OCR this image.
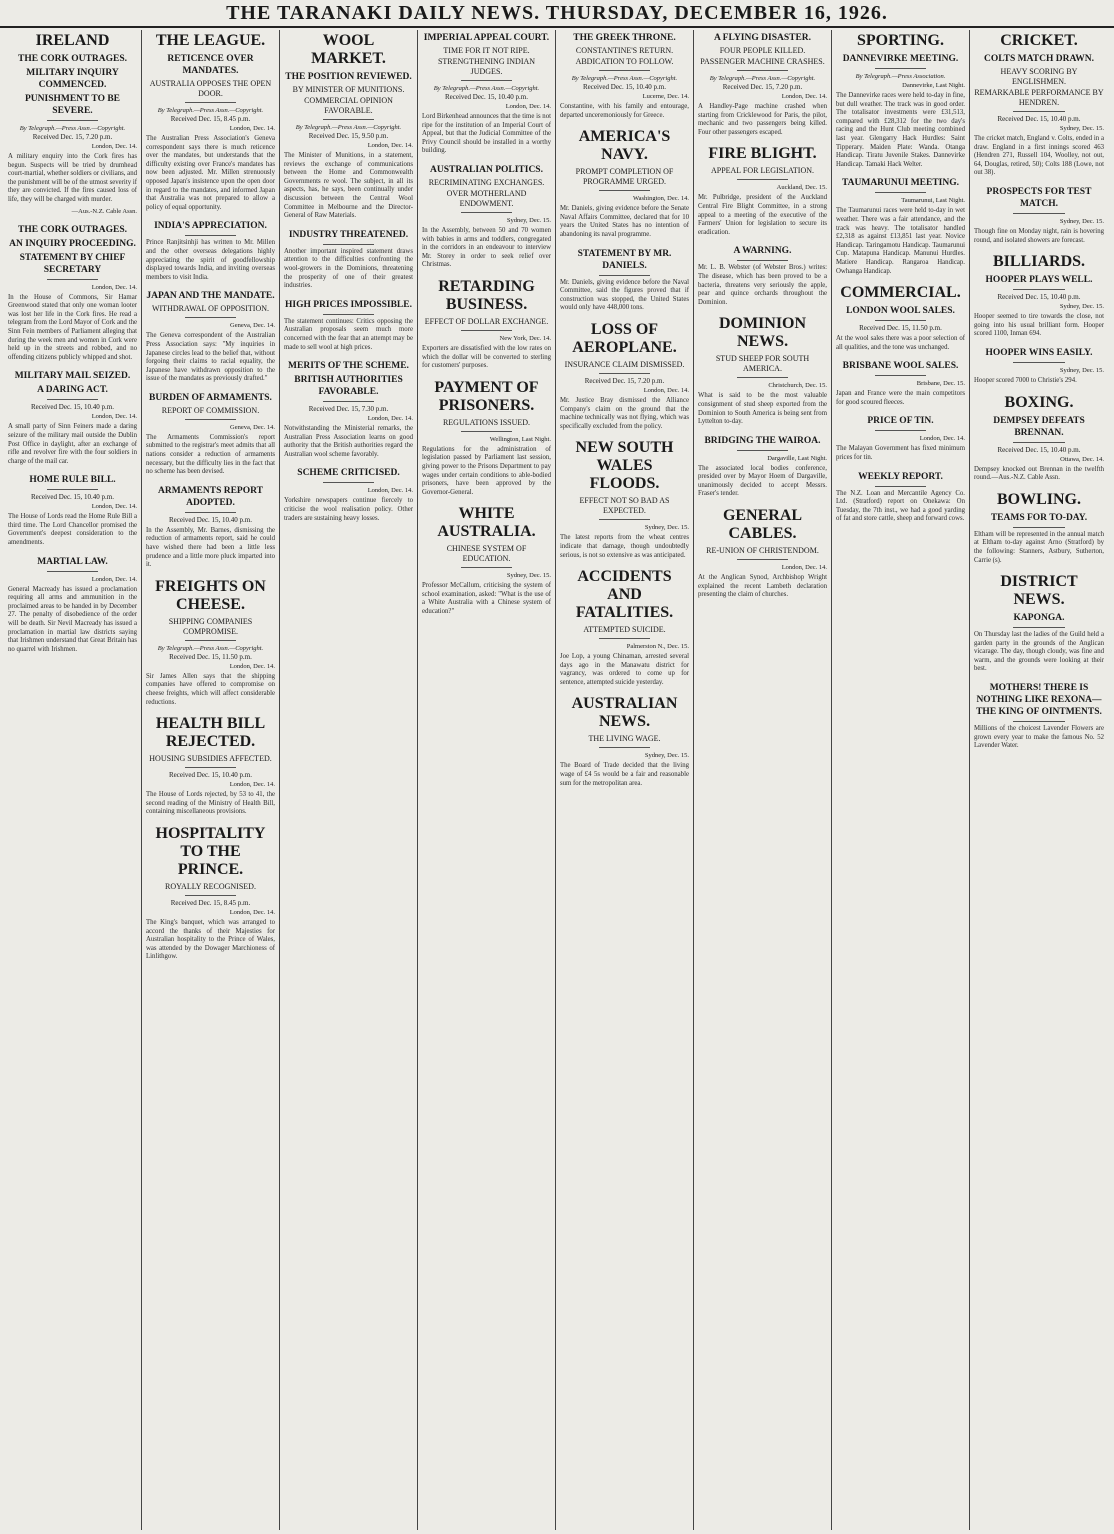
THE TARANAKI DAILY NEWS. THURSDAY, DECEMBER 16, 1926.
IRELAND
THE CORK OUTRAGES.
MILITARY INQUIRY COMMENCED.
PUNISHMENT TO BE SEVERE.
By Telegraph.—Press Assn.—Copyright.
Received Dec. 15, 7.20 p.m.
London, Dec. 14.
A military enquiry into the Cork fires has begun. Suspects will be tried by drumhead court-martial, whether soldiers or civilians, and the punishment will be of the utmost severity if they are convicted. If the fires caused loss of life, they will be charged with murder.
—Aus.-N.Z. Cable Assn.
THE CORK OUTRAGES.
AN INQUIRY PROCEEDING.
STATEMENT BY CHIEF SECRETARY
London, Dec. 14.
In the House of Commons, Sir Hamar Greenwood stated that only one woman looter was lost her life in the Cork fires. He read a telegram from the Lord Mayor of Cork and the Sinn Fein members of Parliament alleging that during the week men and women in Cork were held up in the streets and robbed, and no offending citizens publicly whipped and shot.
MILITARY MAIL SEIZED.
A DARING ACT.
Received Dec. 15, 10.40 p.m.
London, Dec. 14.
A small party of Sinn Feiners made a daring seizure of the military mail outside the Dublin Post Office in daylight, after an exchange of rifle and revolver fire with the four soldiers in charge of the mail car.
HOME RULE BILL.
Received Dec. 15, 10.40 p.m.
London, Dec. 14.
The House of Lords read the Home Rule Bill a third time. The Lord Chancellor promised the Government's deepest consideration to the amendments.
MARTIAL LAW.
London, Dec. 14.
General Macready has issued a proclamation requiring all arms and ammunition in the proclaimed areas to be handed in by December 27. The penalty of disobedience of the order will be death. Sir Nevil Macready has issued a proclamation in martial law districts saying that Irishmen understand that Great Britain has no quarrel with Irishmen.
THE LEAGUE.
RETICENCE OVER MANDATES.
AUSTRALIA OPPOSES THE OPEN DOOR.
By Telegraph.—Press Assn.—Copyright.
Received Dec. 15, 8.45 p.m.
London, Dec. 14.
The Australian Press Association's Geneva correspondent says there is much reticence over the mandates, but understands that the difficulty existing over France's mandates has now been adjusted. Mr. Millen strenuously opposed Japan's insistence upon the open door in regard to the mandates, and informed Japan that Australia was not prepared to allow a policy of equal opportunity.
INDIA'S APPRECIATION.
Prince Ranjitsinhji has written to Mr. Millen and the other overseas delegations highly appreciating the spirit of goodfellowship displayed towards India, and inviting overseas members to visit India.
JAPAN AND THE MANDATE.
WITHDRAWAL OF OPPOSITION.
Geneva, Dec. 14.
The Geneva correspondent of the Australian Press Association says: "My inquiries in Japanese circles lead to the belief that, without forgoing their claims to racial equality, the Japanese have withdrawn opposition to the issue of the mandates as previously drafted."
BURDEN OF ARMAMENTS.
REPORT OF COMMISSION.
Geneva, Dec. 14.
The Armaments Commission's report submitted to the registrar's meet admits that all nations consider a reduction of armaments necessary, but the difficulty lies in the fact that no scheme has been devised.
ARMAMENTS REPORT ADOPTED.
Received Dec. 15, 10.40 p.m.
In the Assembly, Mr. Barnes, dismissing the reduction of armaments report, said he could have wished there had been a little less prudence and a little more pluck imparted into it.
FREIGHTS ON CHEESE.
SHIPPING COMPANIES COMPROMISE.
By Telegraph.—Press Assn.—Copyright.
Received Dec. 15, 11.50 p.m.
London, Dec. 14.
Sir James Allen says that the shipping companies have offered to compromise on cheese freights, which will affect considerable reductions.
HEALTH BILL REJECTED.
HOUSING SUBSIDIES AFFECTED.
Received Dec. 15, 10.40 p.m.
London, Dec. 14.
The House of Lords rejected, by 53 to 41, the second reading of the Ministry of Health Bill, containing miscellaneous provisions.
HOSPITALITY TO THE PRINCE.
ROYALLY RECOGNISED.
Received Dec. 15, 8.45 p.m.
London, Dec. 14.
The King's banquet, which was arranged to accord the thanks of their Majesties for Australian hospitality to the Prince of Wales, was attended by the Dowager Marchioness of Linlithgow.
WOOL MARKET.
THE POSITION REVIEWED.
BY MINISTER OF MUNITIONS.
COMMERCIAL OPINION FAVORABLE.
By Telegraph.—Press Assn.—Copyright.
Received Dec. 15, 9.50 p.m.
London, Dec. 14.
The Minister of Munitions, in a statement, reviews the exchange of communications between the Home and Commonwealth Governments re wool. The subject, in all its aspects, has, he says, been continually under discussion between the Central Wool Committee in Melbourne and the Director-General of Raw Materials.
INDUSTRY THREATENED.
Another important inspired statement draws attention to the difficulties confronting the wool-growers in the Dominions, threatening the prosperity of one of their greatest industries.
HIGH PRICES IMPOSSIBLE.
The statement continues: Critics opposing the Australian proposals seem much more concerned with the fear that an attempt may be made to sell wool at high prices.
MERITS OF THE SCHEME.
BRITISH AUTHORITIES FAVORABLE.
Received Dec. 15, 7.30 p.m.
London, Dec. 14.
Notwithstanding the Ministerial remarks, the Australian Press Association learns on good authority that the British authorities regard the Australian wool scheme favorably.
SCHEME CRITICISED.
London, Dec. 14.
Yorkshire newspapers continue fiercely to criticise the wool realisation policy. Other traders are sustaining heavy losses.
IMPERIAL APPEAL COURT.
TIME FOR IT NOT RIPE.
STRENGTHENING INDIAN JUDGES.
By Telegraph.—Press Assn.—Copyright.
Received Dec. 15, 10.40 p.m.
London, Dec. 14.
Lord Birkenhead announces that the time is not ripe for the institution of an Imperial Court of Appeal, but that the Judicial Committee of the Privy Council should be installed in a worthy building.
AUSTRALIAN POLITICS.
RECRIMINATING EXCHANGES.
OVER MOTHERLAND ENDOWMENT.
Sydney, Dec. 15.
In the Assembly, between 50 and 70 women with babies in arms and toddlers, congregated in the corridors in an endeavour to interview Mr. Storey in order to seek relief over Christmas.
RETARDING BUSINESS.
EFFECT OF DOLLAR EXCHANGE.
New York, Dec. 14.
Exporters are dissatisfied with the low rates on which the dollar will be converted to sterling for customers' purposes.
PAYMENT OF PRISONERS.
REGULATIONS ISSUED.
Wellington, Last Night.
Regulations for the administration of legislation passed by Parliament last session, giving power to the Prisons Department to pay wages under certain conditions to able-bodied prisoners, have been approved by the Governor-General.
WHITE AUSTRALIA.
CHINESE SYSTEM OF EDUCATION.
Sydney, Dec. 15.
Professor McCallum, criticising the system of school examination, asked: "What is the use of a White Australia with a Chinese system of education?"
THE GREEK THRONE.
CONSTANTINE'S RETURN.
ABDICATION TO FOLLOW.
By Telegraph.—Press Assn.—Copyright.
Received Dec. 15, 10.40 p.m.
Lucerne, Dec. 14.
Constantine, with his family and entourage, departed unceremoniously for Greece.
AMERICA'S NAVY.
PROMPT COMPLETION OF PROGRAMME URGED.
Washington, Dec. 14.
Mr. Daniels, giving evidence before the Senate Naval Affairs Committee, declared that for 10 years the United States has no intention of abandoning its naval programme.
STATEMENT BY MR. DANIELS.
Mr. Daniels, giving evidence before the Naval Committee, said the figures proved that if construction was stopped, the United States would only have 448,000 tons.
LOSS OF AEROPLANE.
INSURANCE CLAIM DISMISSED.
Received Dec. 15, 7.20 p.m.
London, Dec. 14.
Mr. Justice Bray dismissed the Alliance Company's claim on the ground that the machine technically was not flying, which was specifically excluded from the policy.
NEW SOUTH WALES FLOODS.
EFFECT NOT SO BAD AS EXPECTED.
Sydney, Dec. 15.
The latest reports from the wheat centres indicate that damage, though undoubtedly serious, is not so extensive as was anticipated.
ACCIDENTS AND FATALITIES.
ATTEMPTED SUICIDE.
Palmerston N., Dec. 15.
Joe Lop, a young Chinaman, arrested several days ago in the Manawatu district for vagrancy, was ordered to come up for sentence, attempted suicide yesterday.
AUSTRALIAN NEWS.
THE LIVING WAGE.
Sydney, Dec. 15.
The Board of Trade decided that the living wage of £4 5s would be a fair and reasonable sum for the metropolitan area.
A FLYING DISASTER.
FOUR PEOPLE KILLED.
PASSENGER MACHINE CRASHES.
By Telegraph.—Press Assn.—Copyright.
Received Dec. 15, 7.20 p.m.
London, Dec. 14.
A Handley-Page machine crashed when starting from Cricklewood for Paris, the pilot, mechanic and two passengers being killed. Four other passengers escaped.
FIRE BLIGHT.
APPEAL FOR LEGISLATION.
Auckland, Dec. 15.
Mr. Pulbridge, president of the Auckland Central Fire Blight Committee, in a strong appeal to a meeting of the executive of the Farmers' Union for legislation to secure its eradication.
A WARNING.
Mr. L. B. Webster (of Webster Bros.) writes: The disease, which has been proved to be a bacteria, threatens very seriously the apple, pear and quince orchards throughout the Dominion.
DOMINION NEWS.
STUD SHEEP FOR SOUTH AMERICA.
Christchurch, Dec. 15.
What is said to be the most valuable consignment of stud sheep exported from the Dominion to South America is being sent from Lyttelton to-day.
BRIDGING THE WAIROA.
Dargaville, Last Night.
The associated local bodies conference, presided over by Mayor Hoem of Dargaville, unanimously decided to accept Messrs. Fraser's tender.
GENERAL CABLES.
RE-UNION OF CHRISTENDOM.
London, Dec. 14.
At the Anglican Synod, Archbishop Wright explained the recent Lambeth declaration presenting the claim of churches.
SPORTING.
DANNEVIRKE MEETING.
By Telegraph.—Press Association.
Dannevirke, Last Night.
The Dannevirke races were held to-day in fine, but dull weather. The track was in good order. The totalisator investments were £31,513, compared with £28,312 for the two day's racing and the Hunt Club meeting combined last year. Glengarry Hack Hurdles: Saint Tipperary. Maiden Plate: Wanda. Otanga Handicap. Tiratu Juvenile Stakes. Dannevirke Handicap. Tamaki Hack Welter.
TAUMARUNUI MEETING.
Taumarunui, Last Night.
The Taumarunui races were held to-day in wet weather. There was a fair attendance, and the track was heavy. The totalisator handled £2,318 as against £13,851 last year. Novice Handicap. Taringamotu Handicap. Taumarunui Cup. Matapuna Handicap. Manunui Hurdles. Matiere Handicap. Rangaroa Handicap. Owhanga Handicap.
COMMERCIAL.
LONDON WOOL SALES.
Received Dec. 15, 11.50 p.m.
At the wool sales there was a poor selection of all qualities, and the tone was unchanged.
BRISBANE WOOL SALES.
Brisbane, Dec. 15.
Japan and France were the main competitors for good scoured fleeces.
PRICE OF TIN.
London, Dec. 14.
The Malayan Government has fixed minimum prices for tin.
WEEKLY REPORT.
The N.Z. Loan and Mercantile Agency Co. Ltd. (Stratford) report on Onekawa: On Tuesday, the 7th inst., we had a good yarding of fat and store cattle, sheep and forward cows.
CRICKET.
COLTS MATCH DRAWN.
HEAVY SCORING BY ENGLISHMEN.
REMARKABLE PERFORMANCE BY HENDREN.
Received Dec. 15, 10.40 p.m.
Sydney, Dec. 15.
The cricket match, England v. Colts, ended in a draw. England in a first innings scored 463 (Hendren 271, Russell 104, Woolley, not out, 64, Douglas, retired, 50); Colts 188 (Lowe, not out 38).
PROSPECTS FOR TEST MATCH.
Sydney, Dec. 15.
Though fine on Monday night, rain is hovering round, and isolated showers are forecast.
BILLIARDS.
HOOPER PLAYS WELL.
Received Dec. 15, 10.40 p.m.
Sydney, Dec. 15.
Hooper seemed to tire towards the close, not going into his usual brilliant form. Hooper scored 1100, Inman 694.
HOOPER WINS EASILY.
Sydney, Dec. 15.
Hooper scored 7000 to Christie's 294.
BOXING.
DEMPSEY DEFEATS BRENNAN.
Received Dec. 15, 10.40 p.m.
Ottawa, Dec. 14.
Dempsey knocked out Brennan in the twelfth round.—Aus.-N.Z. Cable Assn.
BOWLING.
TEAMS FOR TO-DAY.
Eltham will be represented in the annual match at Eltham to-day against Arno (Stratford) by the following: Stanners, Astbury, Sutherton, Carrie (s).
DISTRICT NEWS.
KAPONGA.
On Thursday last the ladies of the Guild held a garden party in the grounds of the Anglican vicarage. The day, though cloudy, was fine and warm, and the grounds were looking at their best.
MOTHERS! THERE IS NOTHING LIKE REXONA—THE KING OF OINTMENTS.
Millions of the choicest Lavender Flowers are grown every year to make the famous No. 52 Lavender Water.
